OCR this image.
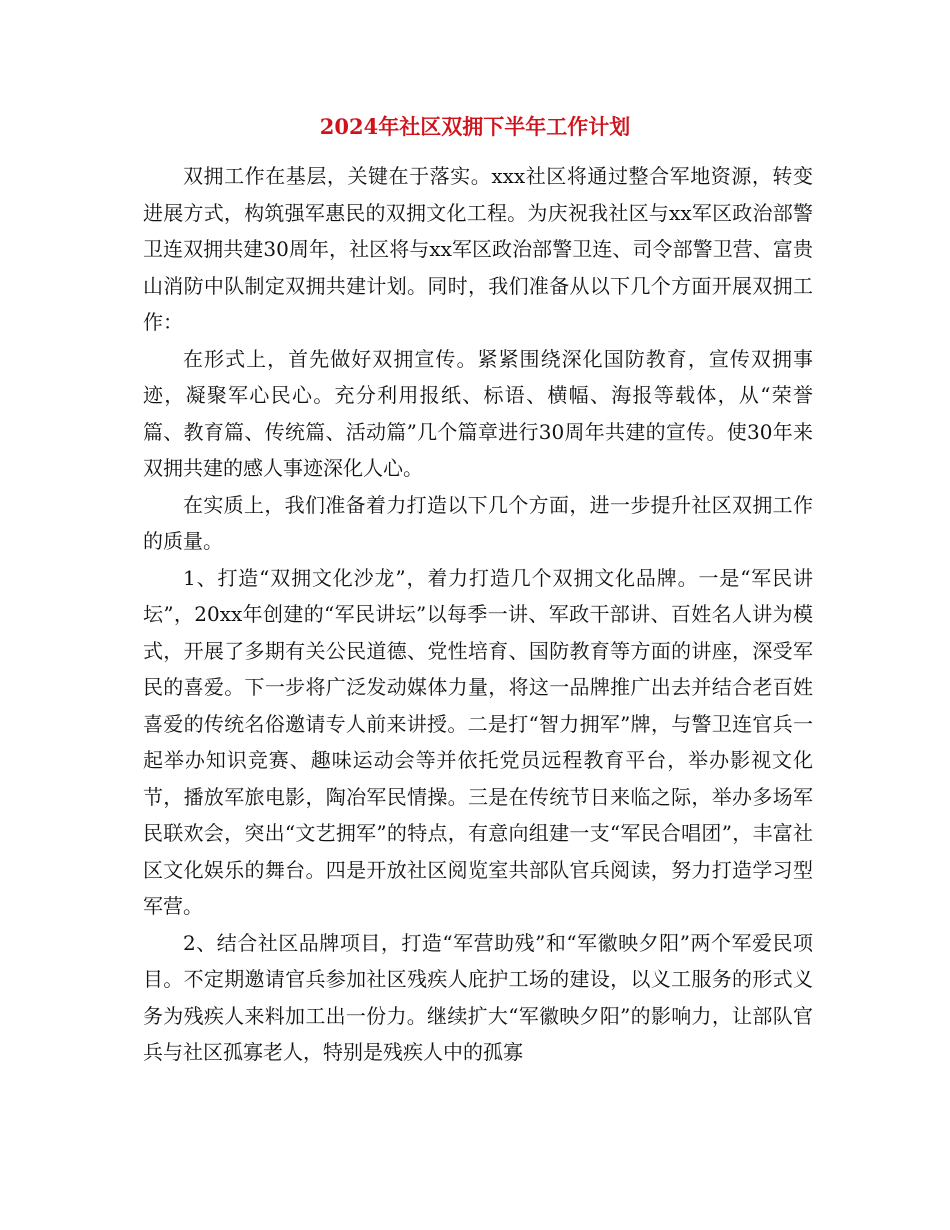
2024年社区双拥下半年工作计划

双拥工作在基层，关键在于落实。xxx社区将通过整合军地资源，转变进展方式，构筑强军惠民的双拥文化工程。为庆祝我社区与xx军区政治部警卫连双拥共建30周年，社区将与xx军区政治部警卫连、司令部警卫营、富贵山消防中队制定双拥共建计划。同时，我们准备从以下几个方面开展双拥工作：

在形式上，首先做好双拥宣传。紧紧围绕深化国防教育，宣传双拥事迹，凝聚军心民心。充分利用报纸、标语、横幅、海报等载体，从“荣誉篇、教育篇、传统篇、活动篇”几个篇章进行30周年共建的宣传。使30年来双拥共建的感人事迹深化人心。

在实质上，我们准备着力打造以下几个方面，进一步提升社区双拥工作的质量。

1、打造“双拥文化沙龙”，着力打造几个双拥文化品牌。一是“军民讲坛”，20xx年创建的“军民讲坛”以每季一讲、军政干部讲、百姓名人讲为模式，开展了多期有关公民道德、党性培育、国防教育等方面的讲座，深受军民的喜爱。下一步将广泛发动媒体力量，将这一品牌推广出去并结合老百姓喜爱的传统名俗邀请专人前来讲授。二是打“智力拥军”牌，与警卫连官兵一起举办知识竞赛、趣味运动会等并依托党员远程教育平台，举办影视文化节，播放军旅电影，陶冶军民情操。三是在传统节日来临之际，举办多场军民联欢会，突出“文艺拥军”的特点，有意向组建一支“军民合唱团”，丰富社区文化娱乐的舞台。四是开放社区阅览室共部队官兵阅读，努力打造学习型军营。

2、结合社区品牌项目，打造“军营助残”和“军徽映夕阳”两个军爱民项目。不定期邀请官兵参加社区残疾人庇护工场的建设，以义工服务的形式义务为残疾人来料加工出一份力。继续扩大“军徽映夕阳”的影响力，让部队官兵与社区孤寡老人，特别是残疾人中的孤寡
